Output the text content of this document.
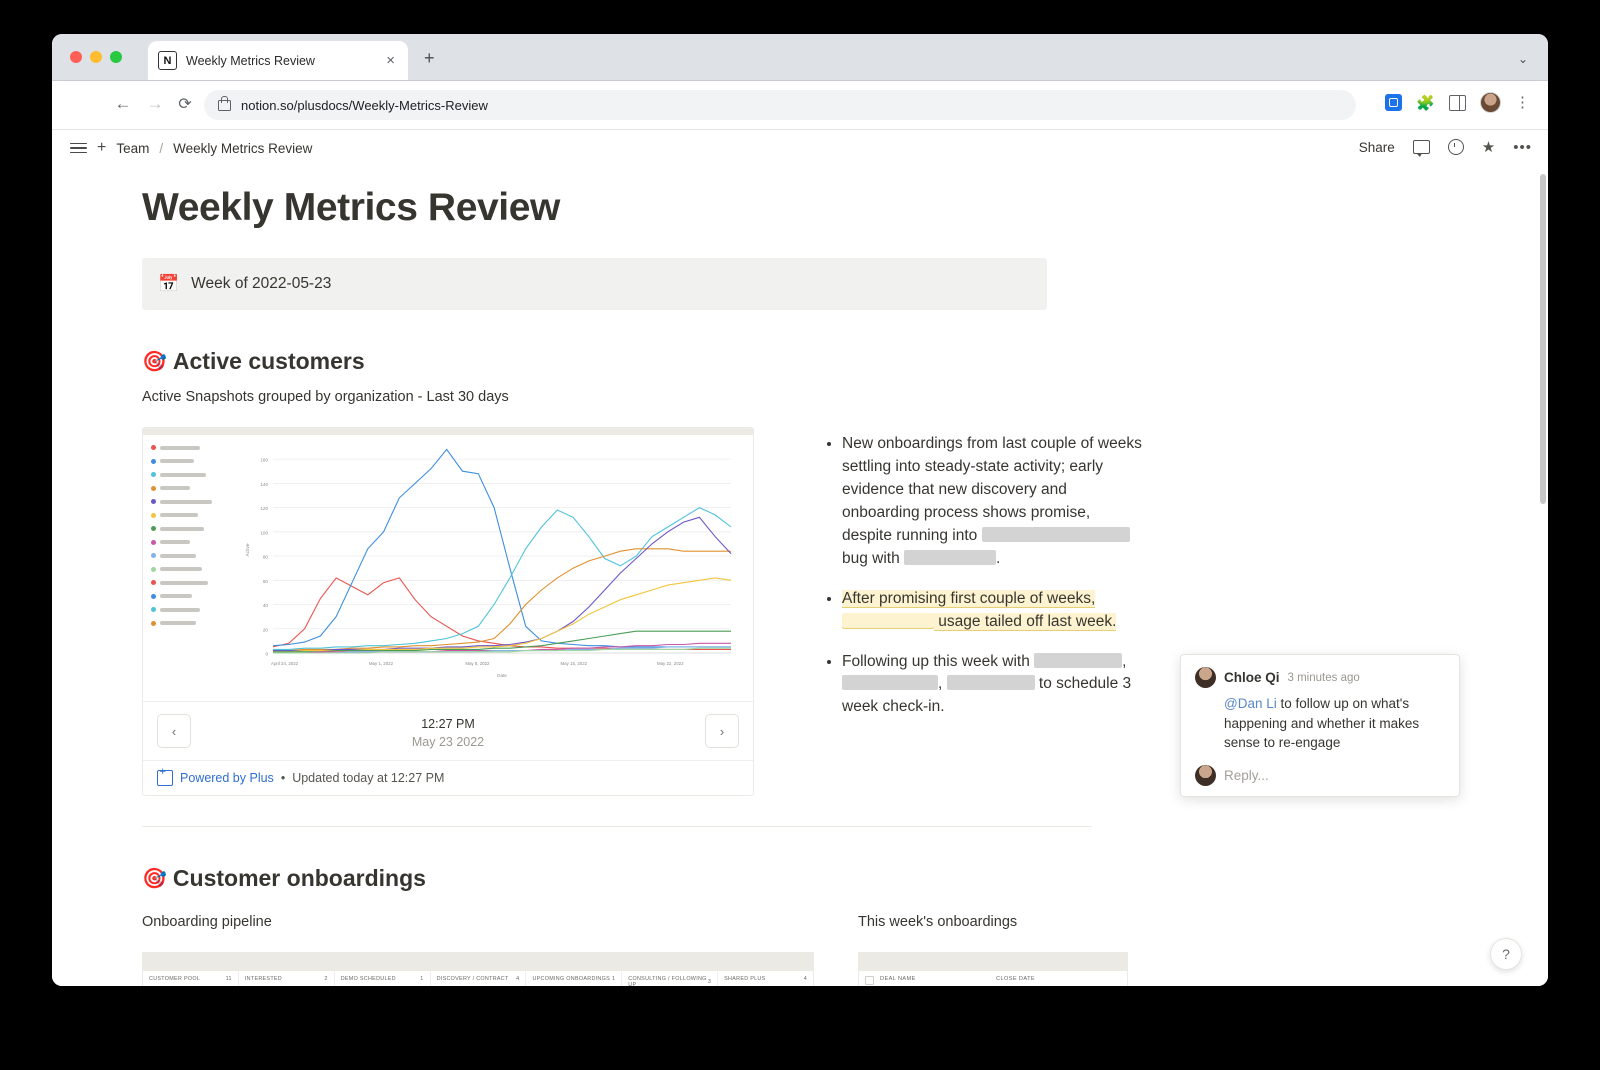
N	Weekly Metrics Review	× +	⌄
← → ⟳	notion.so/plusdocs/Weekly-Metrics-Review	🧩	⋮
+ Team / Weekly Metrics Review	Share	★ •••
Weekly Metrics Review
📅 Week of 2022-05-23
🎯 Active customers
Active Snapshots grouped by organization - Last 30 days
0
20
40
60
80
100
120
140
160
April 24, 2022	May 1, 2022	May 8, 2022	May 15, 2022	May 22, 2022
Date
Active
‹	12:27 PM
May 23 2022
›
+
Powered by Plus • Updated today at 12:27 PM
• New onboardings from last couple of weeks settling into steady-state activity; early evidence that new discovery and onboarding process shows promise, despite running into  bug with	.
• After promising first couple of weeks, usage tailed off last week.
• Following up this week with	, ,	to schedule 3 week check-in.
🎯 Customer onboardings
Onboarding pipeline
CUSTOMER POOL	11 INTERESTED	2 DEMO SCHEDULED	1 DISCOVERY / CONTRACT 4 UPCOMING ONBOARDINGS 1 CONSULTING / FOLLOWING UP	3 SHARED PLUS	4
This week's onboardings
DEAL NAME	CLOSE DATE
Chloe Qi 3 minutes ago
@Dan Li to follow up on what's happening and whether it makes sense to re-engage
Reply...
?
